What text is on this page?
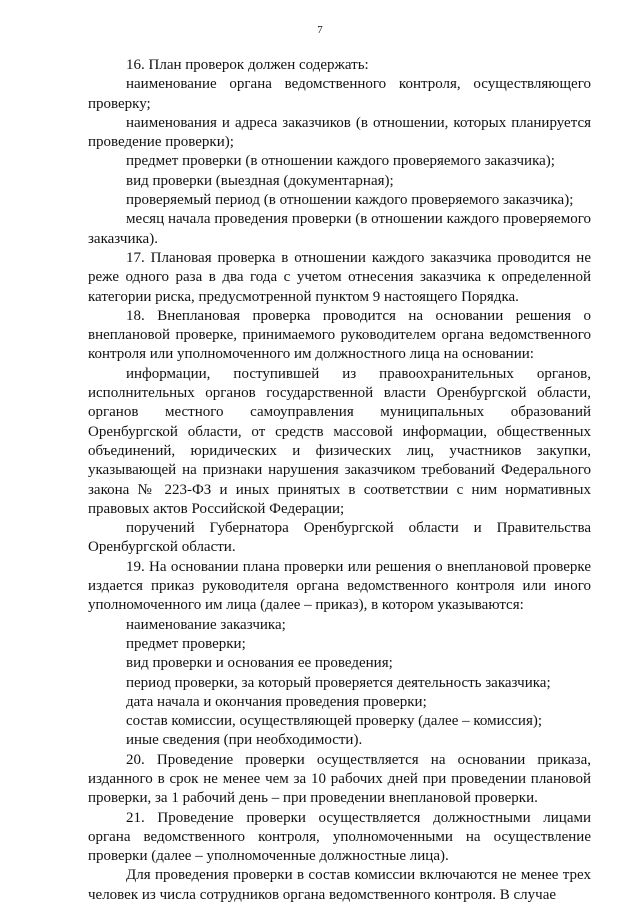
7

16. План проверок должен содержать:

наименование органа ведомственного контроля, осуществляющего проверку;

наименования и адреса заказчиков (в отношении, которых планируется проведение проверки);

предмет проверки (в отношении каждого проверяемого заказчика);

вид проверки (выездная (документарная);

проверяемый период (в отношении каждого проверяемого заказчика);

месяц начала проведения проверки (в отношении каждого проверяемого заказчика).

17. Плановая проверка в отношении каждого заказчика проводится не реже одного раза в два года с учетом отнесения заказчика к определенной категории риска, предусмотренной пунктом 9 настоящего Порядка.

18. Внеплановая проверка проводится на основании решения о внеплановой проверке, принимаемого руководителем органа ведомственного контроля или уполномоченного им должностного лица на основании:

информации, поступившей из правоохранительных органов, исполнительных органов государственной власти Оренбургской области, органов местного самоуправления муниципальных образований Оренбургской области, от средств массовой информации, общественных объединений, юридических и физических лиц, участников закупки, указывающей на признаки нарушения заказчиком требований Федерального закона № 223-ФЗ и иных принятых в соответствии с ним нормативных правовых актов Российской Федерации;

поручений Губернатора Оренбургской области и Правительства Оренбургской области.

19. На основании плана проверки или решения о внеплановой проверке издается приказ руководителя органа ведомственного контроля или иного уполномоченного им лица (далее – приказ), в котором указываются:

наименование заказчика;

предмет проверки;

вид проверки и основания ее проведения;

период проверки, за который проверяется деятельность заказчика;

дата начала и окончания проведения проверки;

состав комиссии, осуществляющей проверку (далее – комиссия);

иные сведения (при необходимости).

20. Проведение проверки осуществляется на основании приказа, изданного в срок не менее чем за 10 рабочих дней при проведении плановой проверки, за 1 рабочий день – при проведении внеплановой проверки.

21. Проведение проверки осуществляется должностными лицами органа ведомственного контроля, уполномоченными на осуществление проверки (далее – уполномоченные должностные лица).

Для проведения проверки в состав комиссии включаются не менее трех человек из числа сотрудников органа ведомственного контроля. В случае
